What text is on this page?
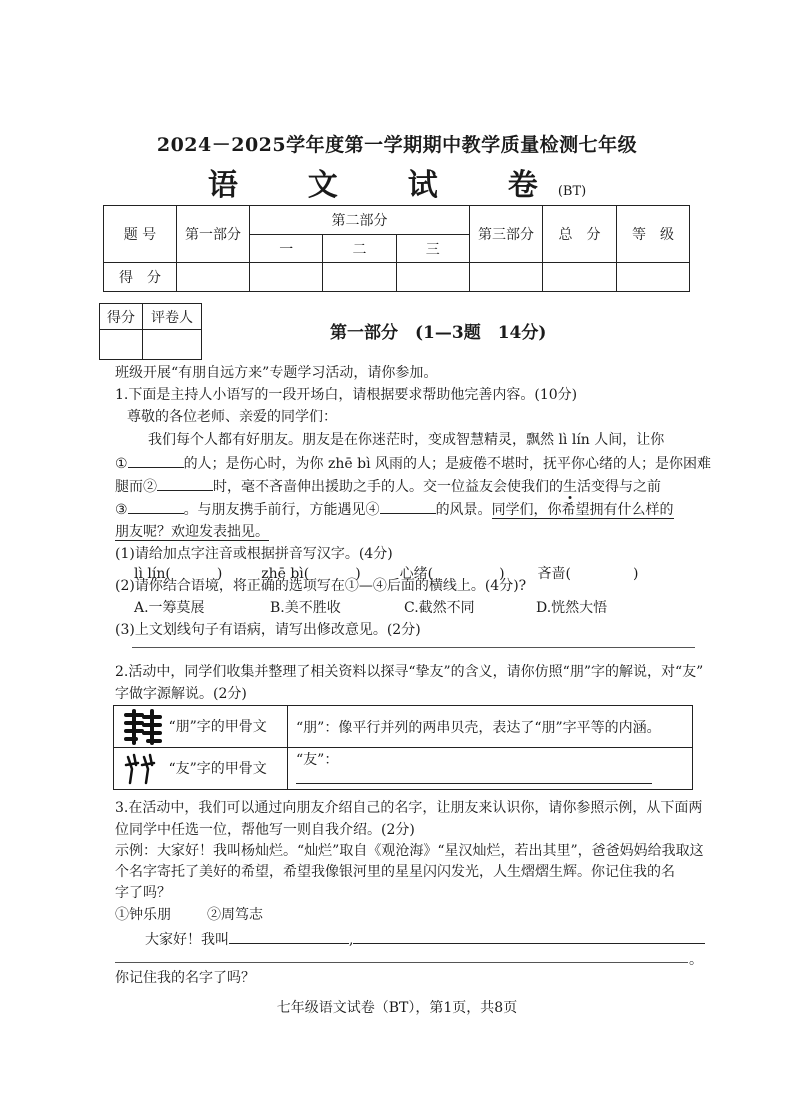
2024－2025学年度第一学期期中教学质量检测七年级
语　文　试　卷(BT)
题 号	第一部分	第二部分			第三部分	总　分	等　级
		一	二	三			
得　分							
得分	评卷人

第一部分　(1—3题　14分)
班级开展“有朋自远方来”专题学习活动，请你参加。
1.下面是主持人小语写的一段开场白，请根据要求帮助他完善内容。(10分)
尊敬的各位老师、亲爱的同学们：
我们每个人都有好朋友。朋友是在你迷茫时，变成智慧精灵，飘然 lì lín 人间，让你
①	的人；是伤心时，为你 zhē bì 风雨的人；是疲倦不堪时，抚平你心绪的人；是你困难
腿而②	时，毫不吝啬伸出援助之手的人。交一位益友会使我们的生活变得与之前
③	。与朋友携手前行，方能遇见④	的风景。同学们，你希望拥有什么样的
朋友呢？欢迎发表拙见。
(1)请给加点字注音或根据拼音写汉字。(4分)
lì lín(	)	zhē bì(	)	心绪(	) 吝啬(	)
(2)请你结合语境，将正确的选项写在①—④后面的横线上。(4分)?
A.一筹莫展	B.美不胜收	C.截然不同	D.恍然大悟
(3)上文划线句子有语病，请写出修改意见。(2分)
2.活动中，同学们收集并整理了相关资料以探寻“挚友”的含义，请你仿照“朋”字的解说，对“友”
字做字源解说。(2分)
“朋”字的甲骨文	“朋”：像平行并列的两串贝壳，表达了“朋”字平等的内涵。
“友”字的甲骨文	“友”：
3.在活动中，我们可以通过向朋友介绍自己的名字，让朋友来认识你，请你参照示例，从下面两
位同学中任选一位，帮他写一则自我介绍。(2分)
示例：大家好！我叫杨灿烂。“灿烂”取自《观沧海》“星汉灿烂，若出其里”，爸爸妈妈给我取这
个名字寄托了美好的希望，希望我像银河里的星星闪闪发光，人生熠熠生辉。你记住我的名
字了吗？
①钟乐朋	②周笃志
大家好！我叫	,
。
你记住我的名字了吗？
七年级语文试卷（BT），第1页，共8页
